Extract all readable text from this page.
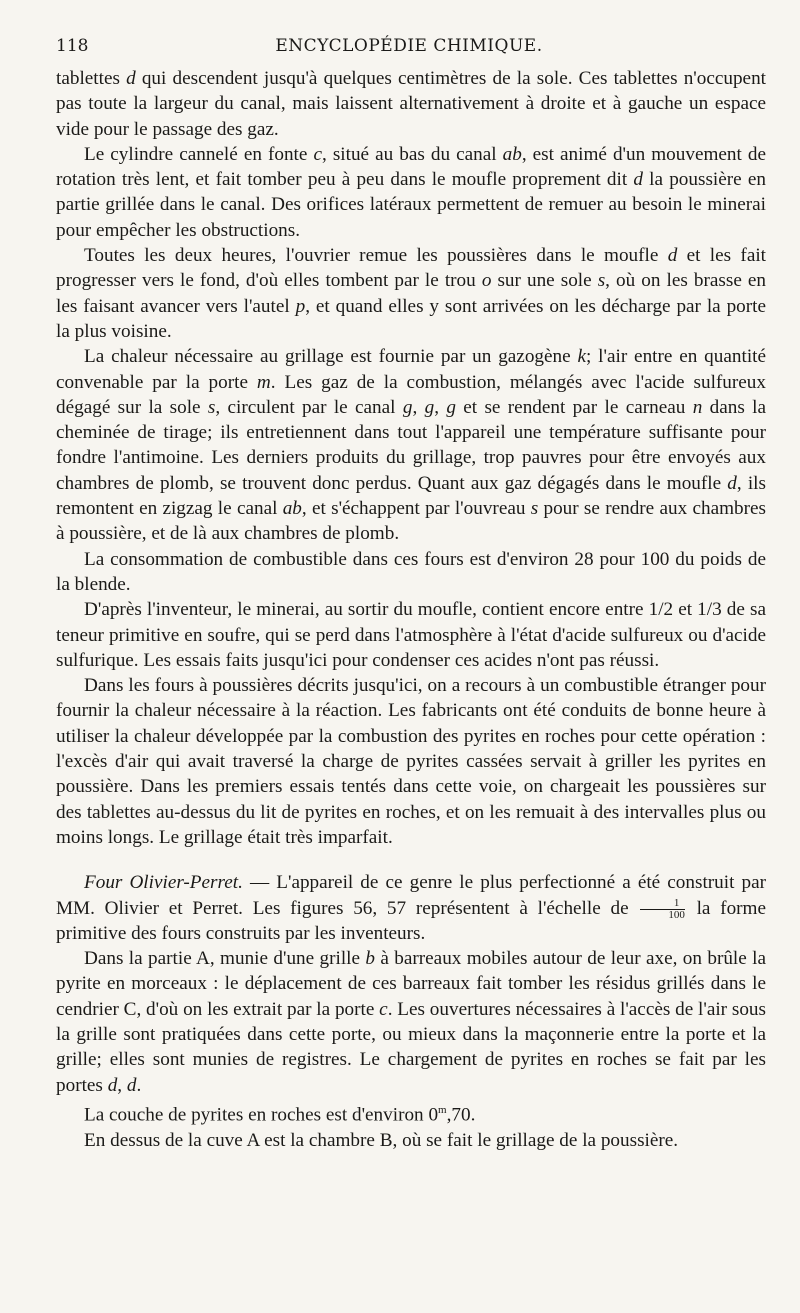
118	ENCYCLOPÉDIE CHIMIQUE.

tablettes d qui descendent jusqu'à quelques centimètres de la sole. Ces tablettes n'occupent pas toute la largeur du canal, mais laissent alternativement à droite et à gauche un espace vide pour le passage des gaz.

Le cylindre cannelé en fonte c, situé au bas du canal ab, est animé d'un mouvement de rotation très lent, et fait tomber peu à peu dans le moufle proprement dit d la poussière en partie grillée dans le canal. Des orifices latéraux permettent de remuer au besoin le minerai pour empêcher les obstructions.

Toutes les deux heures, l'ouvrier remue les poussières dans le moufle d et les fait progresser vers le fond, d'où elles tombent par le trou o sur une sole s, où on les brasse en les faisant avancer vers l'autel p, et quand elles y sont arrivées on les décharge par la porte la plus voisine.

La chaleur nécessaire au grillage est fournie par un gazogène k; l'air entre en quantité convenable par la porte m. Les gaz de la combustion, mélangés avec l'acide sulfureux dégagé sur la sole s, circulent par le canal g, g, g et se rendent par le carneau n dans la cheminée de tirage; ils entretiennent dans tout l'appareil une température suffisante pour fondre l'antimoine. Les derniers produits du grillage, trop pauvres pour être envoyés aux chambres de plomb, se trouvent donc perdus. Quant aux gaz dégagés dans le moufle d, ils remontent en zigzag le canal ab, et s'échappent par l'ouvreau s pour se rendre aux chambres à poussière, et de là aux chambres de plomb.

La consommation de combustible dans ces fours est d'environ 28 pour 100 du poids de la blende.

D'après l'inventeur, le minerai, au sortir du moufle, contient encore entre 1/2 et 1/3 de sa teneur primitive en soufre, qui se perd dans l'atmosphère à l'état d'acide sulfureux ou d'acide sulfurique. Les essais faits jusqu'ici pour condenser ces acides n'ont pas réussi.

Dans les fours à poussières décrits jusqu'ici, on a recours à un combustible étranger pour fournir la chaleur nécessaire à la réaction. Les fabricants ont été conduits de bonne heure à utiliser la chaleur développée par la combustion des pyrites en roches pour cette opération : l'excès d'air qui avait traversé la charge de pyrites cassées servait à griller les pyrites en poussière. Dans les premiers essais tentés dans cette voie, on chargeait les poussières sur des tablettes au-dessus du lit de pyrites en roches, et on les remuait à des intervalles plus ou moins longs. Le grillage était très imparfait.

Four Olivier-Perret. — L'appareil de ce genre le plus perfectionné a été construit par MM. Olivier et Perret. Les figures 56, 57 représentent à l'échelle de $\frac{1}{100}$ la forme primitive des fours construits par les inventeurs.

Dans la partie A, munie d'une grille b à barreaux mobiles autour de leur axe, on brûle la pyrite en morceaux : le déplacement de ces barreaux fait tomber les résidus grillés dans le cendrier C, d'où on les extrait par la porte c. Les ouvertures nécessaires à l'accès de l'air sous la grille sont pratiquées dans cette porte, ou mieux dans la maçonnerie entre la porte et la grille; elles sont munies de registres. Le chargement de pyrites en roches se fait par les portes d, d.

La couche de pyrites en roches est d'environ 0$^m$,70.

En dessus de la cuve A est la chambre B, où se fait le grillage de la poussière.
